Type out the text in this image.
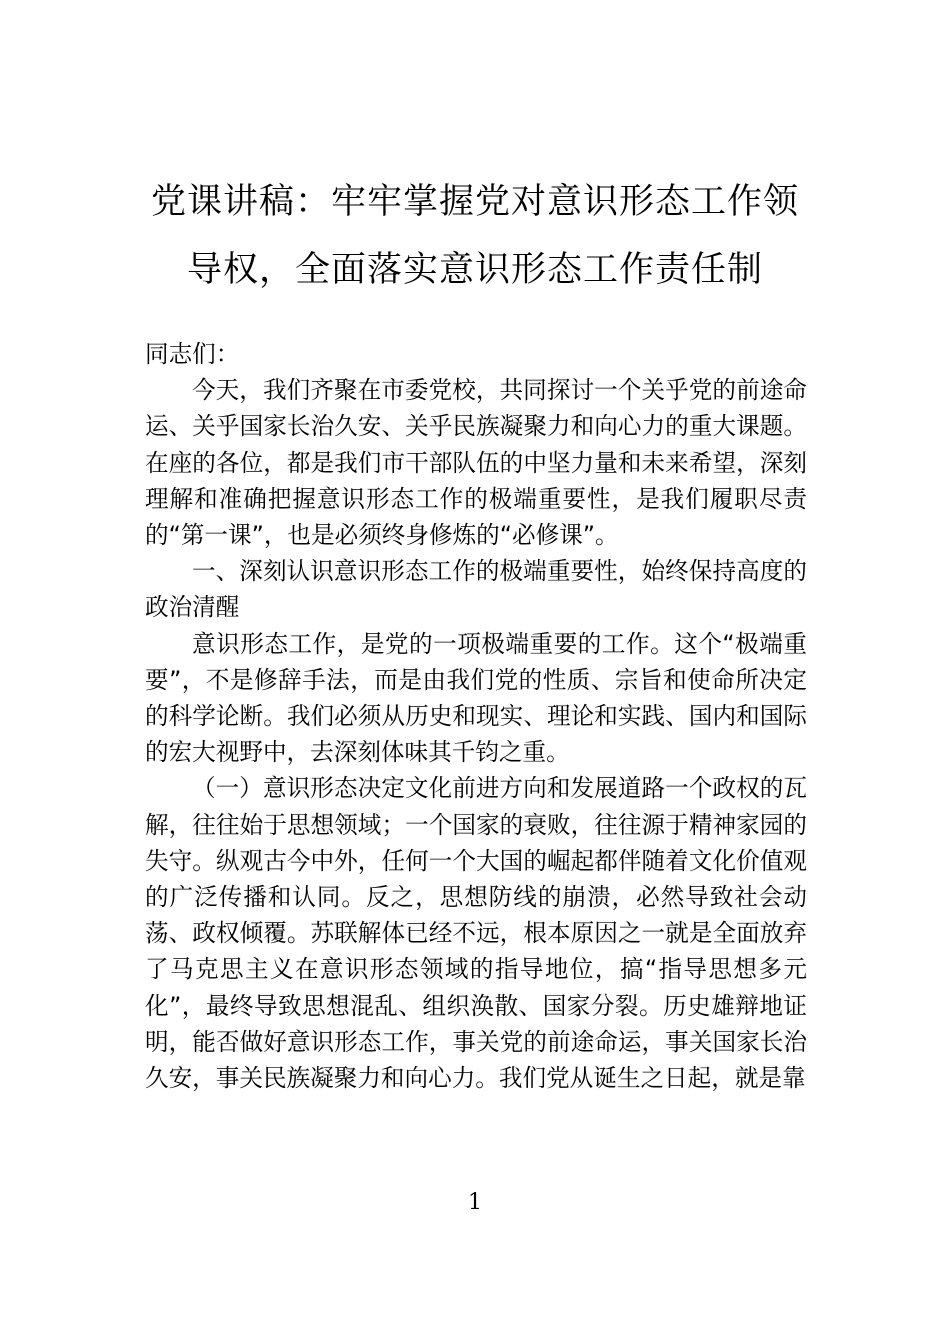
党课讲稿：牢牢掌握党对意识形态工作领
导权，全面落实意识形态工作责任制

同志们：

今天，我们齐聚在市委党校，共同探讨一个关乎党的前途命运、关乎国家长治久安、关乎民族凝聚力和向心力的重大课题。在座的各位，都是我们市干部队伍的中坚力量和未来希望，深刻理解和准确把握意识形态工作的极端重要性，是我们履职尽责的“第一课”，也是必须终身修炼的“必修课”。

一、深刻认识意识形态工作的极端重要性，始终保持高度的政治清醒

意识形态工作，是党的一项极端重要的工作。这个“极端重要”，不是修辞手法，而是由我们党的性质、宗旨和使命所决定的科学论断。我们必须从历史和现实、理论和实践、国内和国际的宏大视野中，去深刻体味其千钧之重。

（一）意识形态决定文化前进方向和发展道路一个政权的瓦解，往往始于思想领域；一个国家的衰败，往往源于精神家园的失守。纵观古今中外，任何一个大国的崛起都伴随着文化价值观的广泛传播和认同。反之，思想防线的崩溃，必然导致社会动荡、政权倾覆。苏联解体已经不远，根本原因之一就是全面放弃了马克思主义在意识形态领域的指导地位，搞“指导思想多元化”，最终导致思想混乱、组织涣散、国家分裂。历史雄辩地证明，能否做好意识形态工作，事关党的前途命运，事关国家长治久安，事关民族凝聚力和向心力。我们党从诞生之日起，就是靠

1
